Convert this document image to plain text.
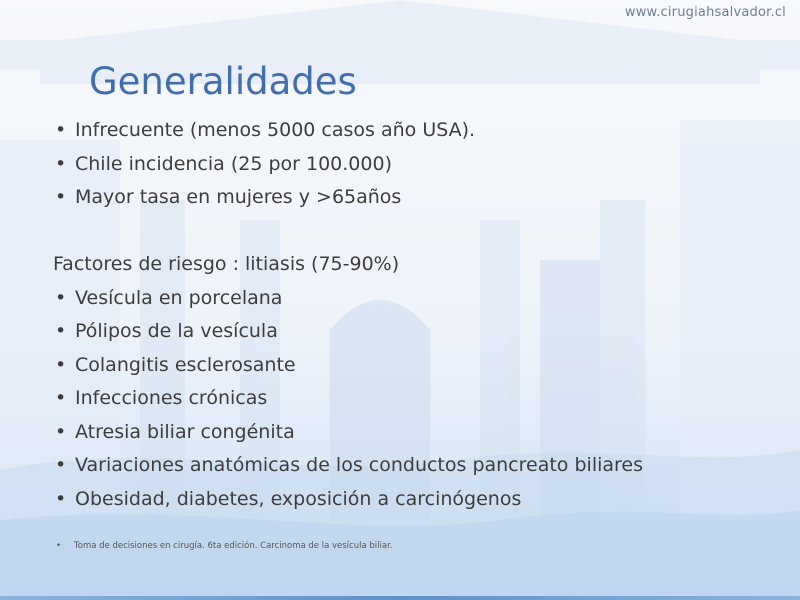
www.cirugiahsalvador.cl
Generalidades
• Infrecuente (menos 5000 casos año USA).
• Chile incidencia (25 por 100.000)
• Mayor tasa en mujeres y >65años
Factores de riesgo : litiasis (75-90%)
• Vesícula en porcelana
• Pólipos de la vesícula
• Colangitis esclerosante
• Infecciones crónicas
• Atresia biliar congénita
• Variaciones anatómicas de los conductos pancreato biliares
• Obesidad, diabetes, exposición a carcinógenos
• Toma de decisiones en cirugía. 6ta edición. Carcinoma de la vesícula biliar.
